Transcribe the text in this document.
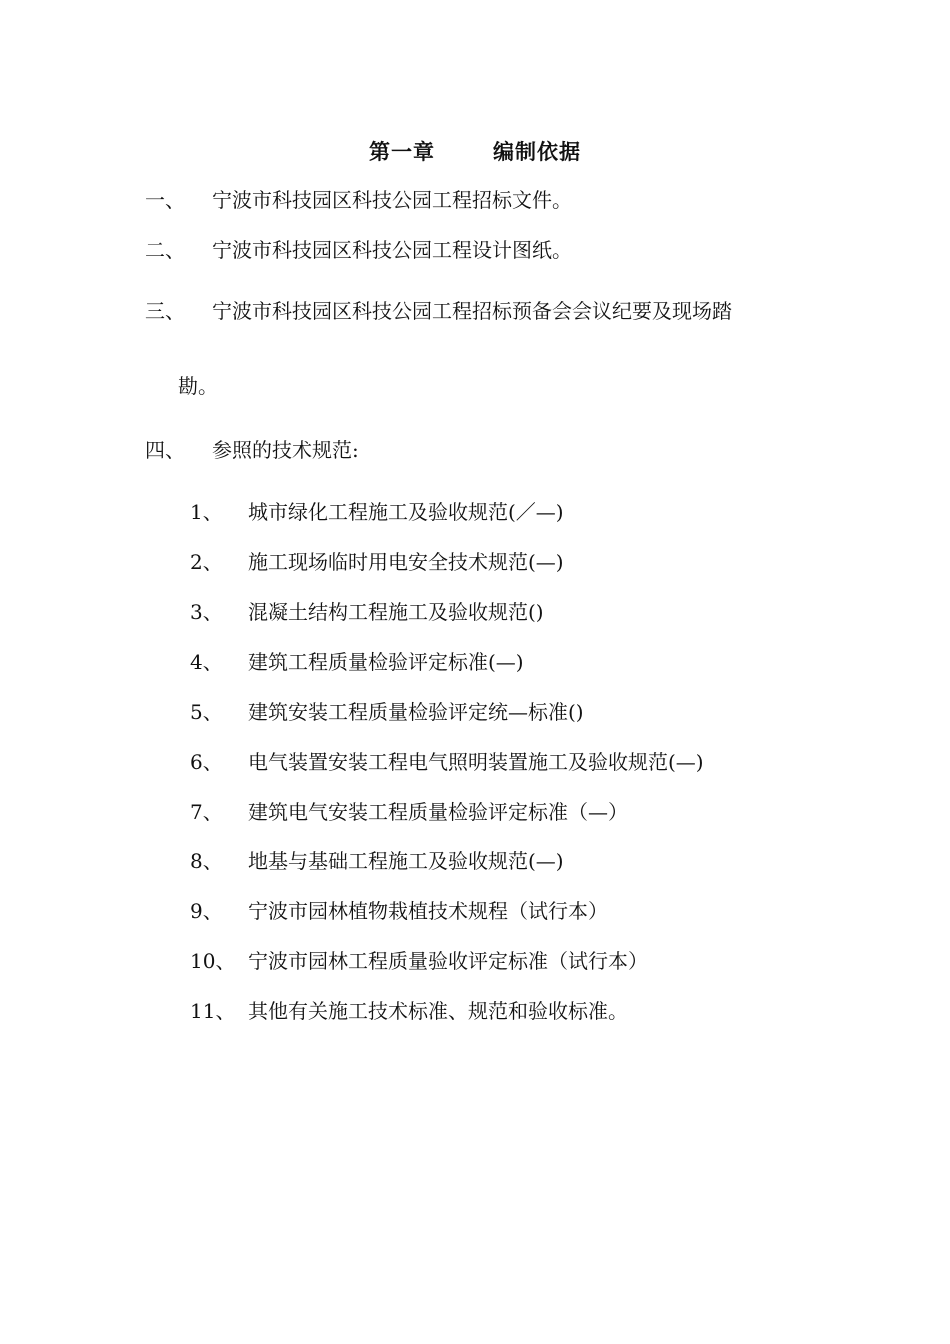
第一章	编制依据
一、 宁波市科技园区科技公园工程招标文件。
二、 宁波市科技园区科技公园工程设计图纸。
三、 宁波市科技园区科技公园工程招标预备会会议纪要及现场踏
勘。
四、 参照的技术规范:
1、 城市绿化工程施工及验收规范(／—)
2、 施工现场临时用电安全技术规范(—)
3、 混凝土结构工程施工及验收规范()
4、 建筑工程质量检验评定标准(—)
5、 建筑安装工程质量检验评定统—标准()
6、 电气装置安装工程电气照明装置施工及验收规范(—)
7、 建筑电气安装工程质量检验评定标准（—）
8、 地基与基础工程施工及验收规范(—)
9、 宁波市园林植物栽植技术规程（试行本）
10、 宁波市园林工程质量验收评定标准（试行本）
11、 其他有关施工技术标准、规范和验收标准。
